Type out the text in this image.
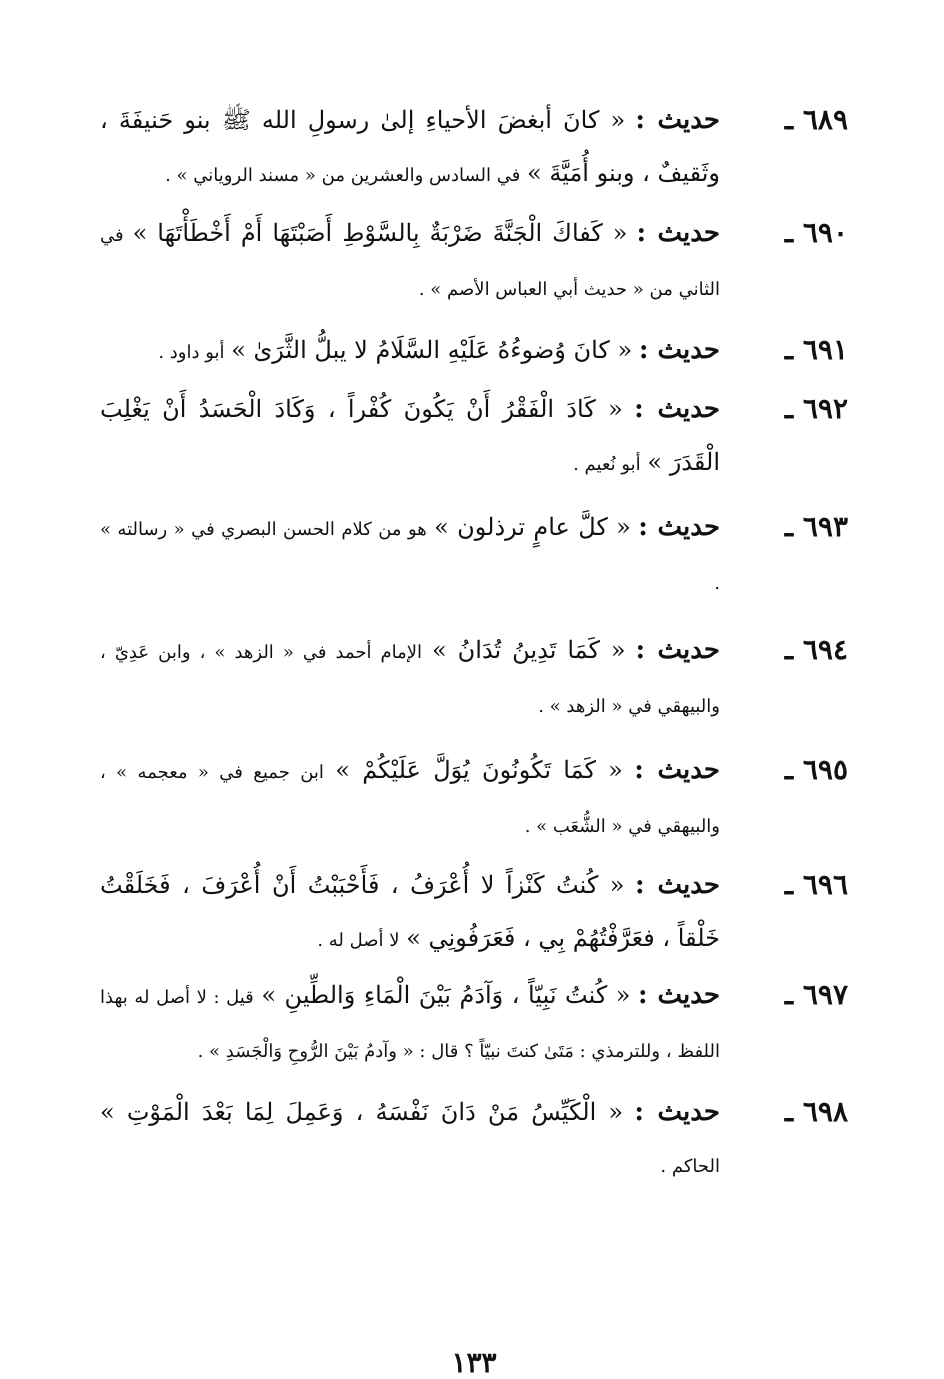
٦٨٩ ـ
حديث : « كانَ أبغضَ الأحياءِ إلىٰ رسولِ الله ﷺ بنو حَنيفَةَ ، وثَقيفٌ ، وبنو أُمَيَّةَ » في السادس والعشرين من « مسند الروياني » .
٦٩٠ ـ
حديث : « كَفاكَ الْجَنَّةَ ضَرْبَةٌ بِالسَّوْطِ أَصَبْتَهَا أَمْ أَخْطَأْتَهَا » في الثاني من « حديث أبي العباس الأصم » .
٦٩١ ـ
حديث : « كانَ وُضوءُهُ عَلَيْهِ السَّلَامُ لا يبلُّ الثَّرَىٰ » أبو داود .
٦٩٢ ـ
حديث : « كَادَ الْفَقْرُ أَنْ يَكُونَ كُفْراً ، وَكَادَ الْحَسَدُ أَنْ يَغْلِبَ الْقَدَرَ » أبو نُعيم .
٦٩٣ ـ
حديث : « كلَّ عامٍ ترذلون » هو من كلام الحسن البصري في « رسالته » .
٦٩٤ ـ
حديث : « كَمَا تَدِينُ تُدَانُ » الإمام أحمد في « الزهد » ، وابن عَدِيّ ، والبيهقي في « الزهد » .
٦٩٥ ـ
حديث : « كَمَا تَكُونُونَ يُوَلَّ عَلَيْكُمْ » ابن جميع في « معجمه » ، والبيهقي في « الشُّعَب » .
٦٩٦ ـ
حديث : « كُنتُ كَنْزاً لا أُعْرَفُ ، فَأَحْبَبْتُ أَنْ أُعْرَفَ ، فَخَلَقْتُ خَلْقاً ، فعَرَّفْتُهُمْ بِي ، فَعَرَفُونِي » لا أصل له .
٦٩٧ ـ
حديث : « كُنتُ نَبِيّاً ، وَآدَمُ بَيْنَ الْمَاءِ وَالطِّينِ » قيل : لا أصل له بهذا اللفظ ، وللترمذي : مَتَىٰ كنتَ نبيّاً ؟ قال : « وآدمُ بَيْنَ الرُّوحِ وَالْجَسَدِ » .
٦٩٨ ـ
حديث : « الْكَيِّسُ مَنْ دَانَ نَفْسَهُ ، وَعَمِلَ لِمَا بَعْدَ الْمَوْتِ » الحاكم .
١٣٣
